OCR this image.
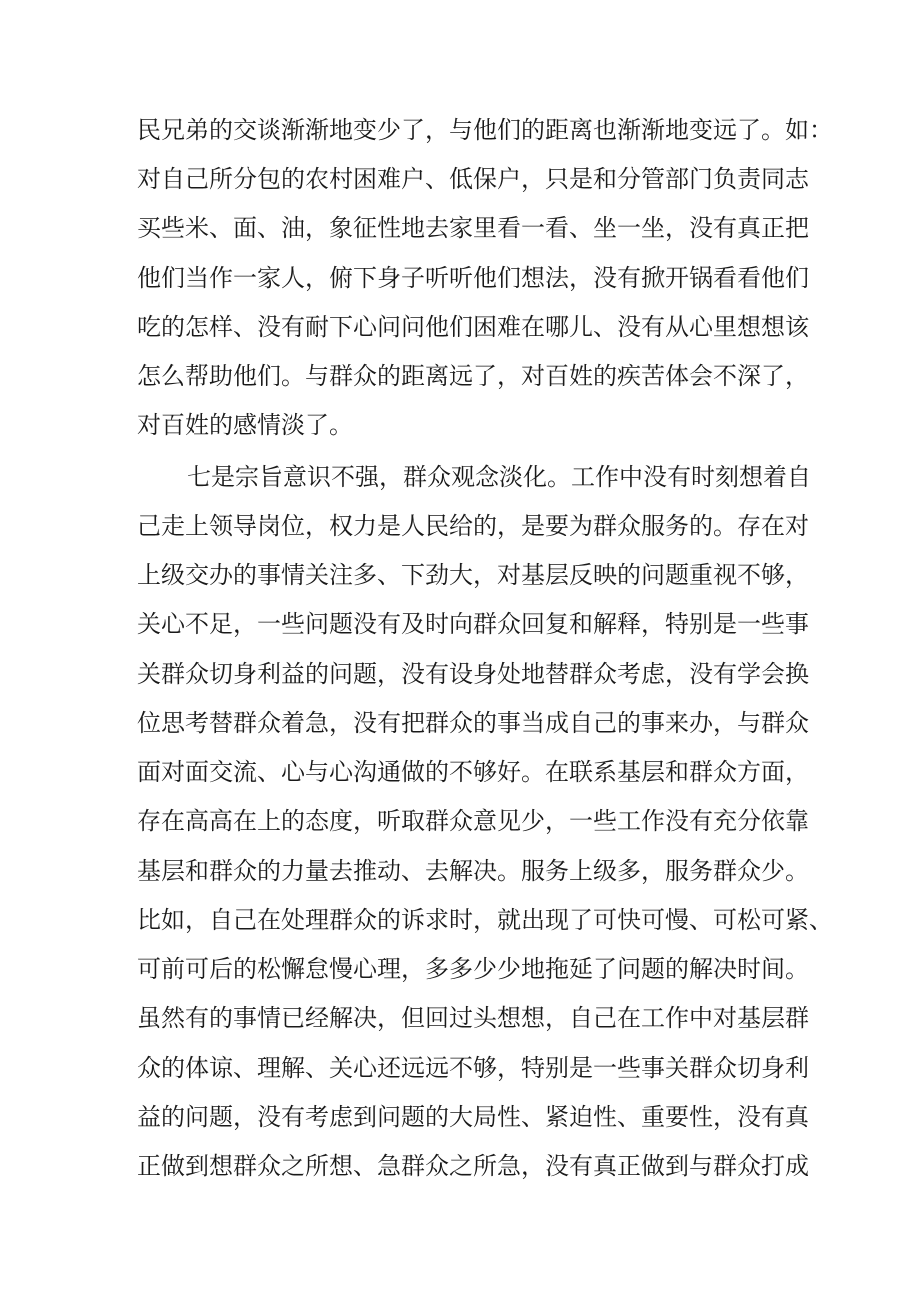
民兄弟的交谈渐渐地变少了，与他们的距离也渐渐地变远了。如：
对自己所分包的农村困难户、低保户，只是和分管部门负责同志
买些米、面、油，象征性地去家里看一看、坐一坐，没有真正把
他们当作一家人，俯下身子听听他们想法，没有掀开锅看看他们
吃的怎样、没有耐下心问问他们困难在哪儿、没有从心里想想该
怎么帮助他们。与群众的距离远了，对百姓的疾苦体会不深了，
对百姓的感情淡了。
七是宗旨意识不强，群众观念淡化。工作中没有时刻想着自
己走上领导岗位，权力是人民给的，是要为群众服务的。存在对
上级交办的事情关注多、下劲大，对基层反映的问题重视不够，
关心不足，一些问题没有及时向群众回复和解释，特别是一些事
关群众切身利益的问题，没有设身处地替群众考虑，没有学会换
位思考替群众着急，没有把群众的事当成自己的事来办，与群众
面对面交流、心与心沟通做的不够好。在联系基层和群众方面，
存在高高在上的态度，听取群众意见少，一些工作没有充分依靠
基层和群众的力量去推动、去解决。服务上级多，服务群众少。
比如，自己在处理群众的诉求时，就出现了可快可慢、可松可紧、
可前可后的松懈怠慢心理，多多少少地拖延了问题的解决时间。
虽然有的事情已经解决，但回过头想想，自己在工作中对基层群
众的体谅、理解、关心还远远不够，特别是一些事关群众切身利
益的问题，没有考虑到问题的大局性、紧迫性、重要性，没有真
正做到想群众之所想、急群众之所急，没有真正做到与群众打成
